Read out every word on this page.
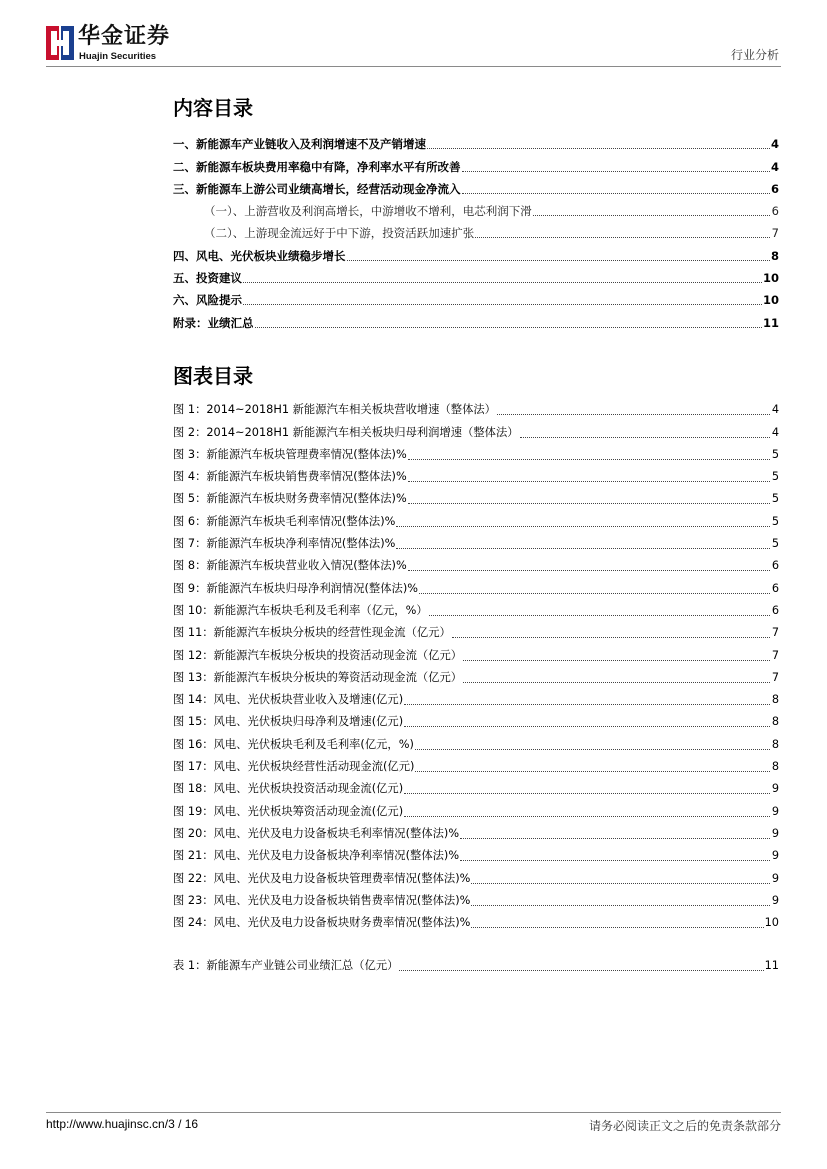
华金证券
Huajin Securities	行业分析
内容目录
一、新能源车产业链收入及利润增速不及产销增速	4
二、新能源车板块费用率稳中有降，净利率水平有所改善	4
三、新能源车上游公司业绩高增长，经营活动现金净流入	6
（一）、上游营收及利润高增长，中游增收不增利，电芯利润下滑	6
（二）、上游现金流远好于中下游，投资活跃加速扩张	7
四、风电、光伏板块业绩稳步增长	8
五、投资建议	10
六、风险提示	10
附录：业绩汇总	11
图表目录
图 1：2014~2018H1 新能源汽车相关板块营收增速（整体法）	4
图 2：2014~2018H1 新能源汽车相关板块归母利润增速（整体法）	4
图 3：新能源汽车板块管理费率情况(整体法)%	5
图 4：新能源汽车板块销售费率情况(整体法)%	5
图 5：新能源汽车板块财务费率情况(整体法)%	5
图 6：新能源汽车板块毛利率情况(整体法)%	5
图 7：新能源汽车板块净利率情况(整体法)%	5
图 8：新能源汽车板块营业收入情况(整体法)%	6
图 9：新能源汽车板块归母净利润情况(整体法)%	6
图 10：新能源汽车板块毛利及毛利率（亿元，%）	6
图 11：新能源汽车板块分板块的经营性现金流（亿元）	7
图 12：新能源汽车板块分板块的投资活动现金流（亿元）	7
图 13：新能源汽车板块分板块的筹资活动现金流（亿元）	7
图 14：风电、光伏板块营业收入及增速(亿元)	8
图 15：风电、光伏板块归母净利及增速(亿元)	8
图 16：风电、光伏板块毛利及毛利率(亿元，%)	8
图 17：风电、光伏板块经营性活动现金流(亿元)	8
图 18：风电、光伏板块投资活动现金流(亿元)	9
图 19：风电、光伏板块筹资活动现金流(亿元)	9
图 20：风电、光伏及电力设备板块毛利率情况(整体法)%	9
图 21：风电、光伏及电力设备板块净利率情况(整体法)%	9
图 22：风电、光伏及电力设备板块管理费率情况(整体法)%	9
图 23：风电、光伏及电力设备板块销售费率情况(整体法)%	9
图 24：风电、光伏及电力设备板块财务费率情况(整体法)%	10
表 1：新能源车产业链公司业绩汇总（亿元）	11
http://www.huajinsc.cn/3 / 16	请务必阅读正文之后的免责条款部分
